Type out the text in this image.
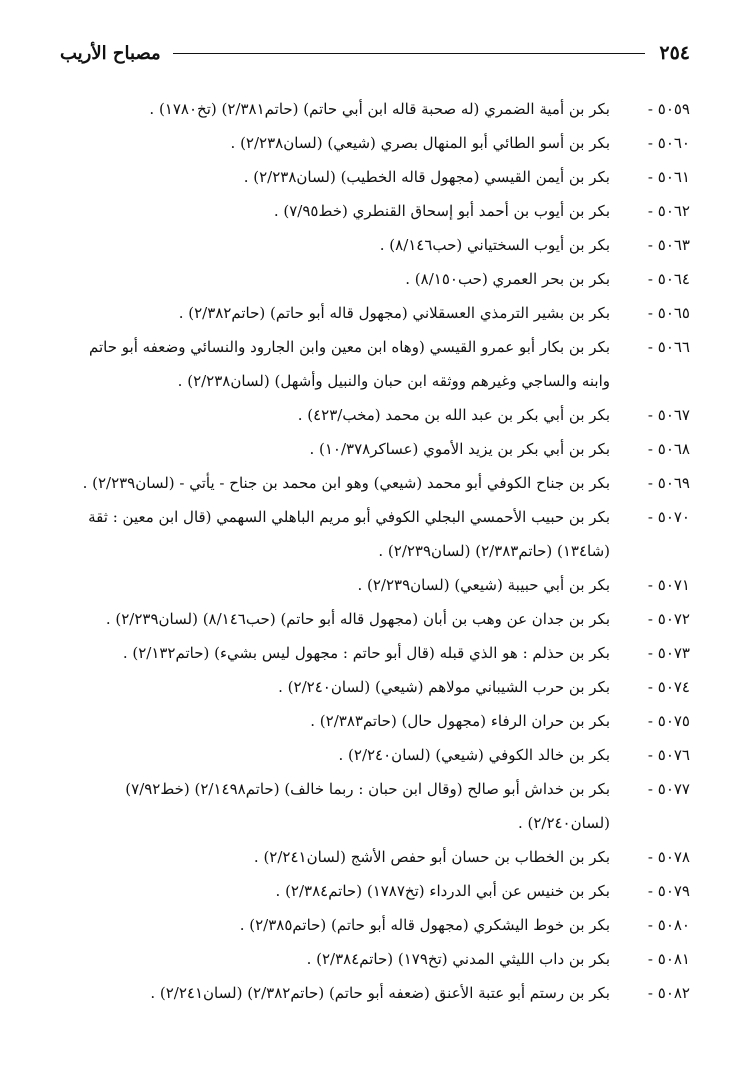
٢٥٤
مصباح الأريب
٥٠٥٩ -
بكر بن أمية الضمري (له صحبة قاله ابن أبي حاتم) (حاتم٢/٣٨١) (تخ١٧٨٠) .
٥٠٦٠ -
بكر بن أسو الطائي أبو المنهال بصري (شيعي) (لسان٢/٢٣٨) .
٥٠٦١ -
بكر بن أيمن القيسي (مجهول قاله الخطيب) (لسان٢/٢٣٨) .
٥٠٦٢ -
بكر بن أيوب بن أحمد أبو إسحاق القنطري (خط٧/٩٥) .
٥٠٦٣ -
بكر بن أيوب السختياني (حب٨/١٤٦) .
٥٠٦٤ -
بكر بن بحر العمري (حب٨/١٥٠) .
٥٠٦٥ -
بكر بن بشير الترمذي العسقلاني (مجهول قاله أبو حاتم) (حاتم٢/٣٨٢) .
٥٠٦٦ -
بكر بن بكار أبو عمرو القيسي (وهاه ابن معين وابن الجارود والنسائي وضعفه أبو حاتم وابنه والساجي وغيرهم ووثقه ابن حبان والنبيل وأشهل) (لسان٢/٢٣٨) .
٥٠٦٧ -
بكر بن أبي بكر بن عبد الله بن محمد (مخب/٤٢٣) .
٥٠٦٨ -
بكر بن أبي بكر بن يزيد الأموي (عساكر١٠/٣٧٨) .
٥٠٦٩ -
بكر بن جناح الكوفي أبو محمد (شيعي) وهو ابن محمد بن جناح - يأتي - (لسان٢/٢٣٩) .
٥٠٧٠ -
بكر بن حبيب الأحمسي البجلي الكوفي أبو مريم الباهلي السهمي (قال ابن معين : ثقة (شا١٣٤) (حاتم٢/٣٨٣) (لسان٢/٢٣٩) .
٥٠٧١ -
بكر بن أبي حبيبة (شيعي) (لسان٢/٢٣٩) .
٥٠٧٢ -
بكر بن جدان عن وهب بن أبان (مجهول قاله أبو حاتم) (حب٨/١٤٦) (لسان٢/٢٣٩) .
٥٠٧٣ -
بكر بن حذلم : هو الذي قبله (قال أبو حاتم : مجهول ليس بشيء) (حاتم٢/١٣٢) .
٥٠٧٤ -
بكر بن حرب الشيباني مولاهم (شيعي) (لسان٢/٢٤٠) .
٥٠٧٥ -
بكر بن حران الرفاء (مجهول حال) (حاتم٢/٣٨٣) .
٥٠٧٦ -
بكر بن خالد الكوفي (شيعي) (لسان٢/٢٤٠) .
٥٠٧٧ -
بكر بن خداش أبو صالح (وقال ابن حبان : ربما خالف) (حاتم٢/١٤٩٨) (خط٧/٩٢) (لسان٢/٢٤٠) .
٥٠٧٨ -
بكر بن الخطاب بن حسان أبو حفص الأشج (لسان٢/٢٤١) .
٥٠٧٩ -
بكر بن خنيس عن أبي الدرداء (تخ١٧٨٧) (حاتم٢/٣٨٤) .
٥٠٨٠ -
بكر بن خوط اليشكري (مجهول قاله أبو حاتم) (حاتم٢/٣٨٥) .
٥٠٨١ -
بكر بن داب الليثي المدني (تخ١٧٩) (حاتم٢/٣٨٤) .
٥٠٨٢ -
بكر بن رستم أبو عتبة الأعنق (ضعفه أبو حاتم) (حاتم٢/٣٨٢) (لسان٢/٢٤١) .
